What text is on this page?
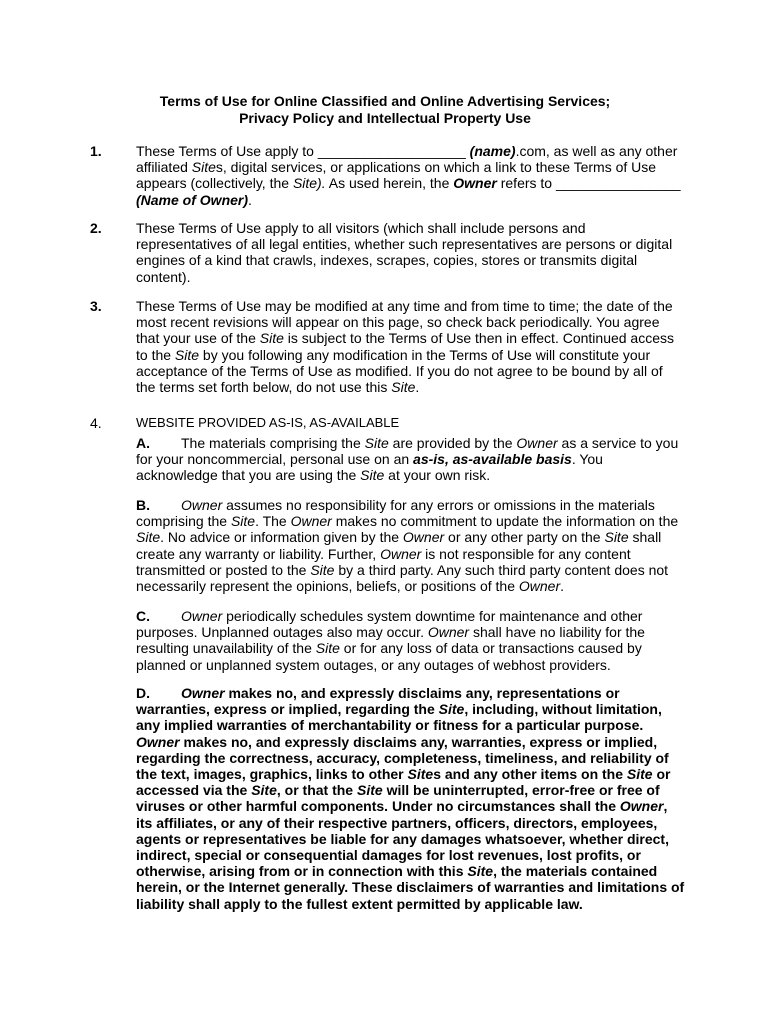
Terms of Use for Online Classified and Online Advertising Services;
Privacy Policy and Intellectual Property Use
1.	These Terms of Use apply to ___________________ (name).com, as well as any other
affiliated Sites, digital services, or applications on which a link to these Terms of Use
appears (collectively, the Site). As used herein, the Owner refers to ________________
(Name of Owner).
2.	These Terms of Use apply to all visitors (which shall include persons and
representatives of all legal entities, whether such representatives are persons or digital
engines of a kind that crawls, indexes, scrapes, copies, stores or transmits digital
content).
3.	These Terms of Use may be modified at any time and from time to time; the date of the
most recent revisions will appear on this page, so check back periodically. You agree
that your use of the Site is subject to the Terms of Use then in effect. Continued access
to the Site by you following any modification in the Terms of Use will constitute your
acceptance of the Terms of Use as modified. If you do not agree to be bound by all of
the terms set forth below, do not use this Site.
4.	WEBSITE PROVIDED AS-IS, AS-AVAILABLE
A. The materials comprising the Site are provided by the Owner as a service to you
for your noncommercial, personal use on an as-is, as-available basis. You
acknowledge that you are using the Site at your own risk.
B. Owner assumes no responsibility for any errors or omissions in the materials
comprising the Site. The Owner makes no commitment to update the information on the
Site. No advice or information given by the Owner or any other party on the Site shall
create any warranty or liability. Further, Owner is not responsible for any content
transmitted or posted to the Site by a third party. Any such third party content does not
necessarily represent the opinions, beliefs, or positions of the Owner.
C. Owner periodically schedules system downtime for maintenance and other
purposes. Unplanned outages also may occur. Owner shall have no liability for the
resulting unavailability of the Site or for any loss of data or transactions caused by
planned or unplanned system outages, or any outages of webhost providers.
D. Owner makes no, and expressly disclaims any, representations or
warranties, express or implied, regarding the Site, including, without limitation,
any implied warranties of merchantability or fitness for a particular purpose.
Owner makes no, and expressly disclaims any, warranties, express or implied,
regarding the correctness, accuracy, completeness, timeliness, and reliability of
the text, images, graphics, links to other Sites and any other items on the Site or
accessed via the Site, or that the Site will be uninterrupted, error-free or free of
viruses or other harmful components. Under no circumstances shall the Owner,
its affiliates, or any of their respective partners, officers, directors, employees,
agents or representatives be liable for any damages whatsoever, whether direct,
indirect, special or consequential damages for lost revenues, lost profits, or
otherwise, arising from or in connection with this Site, the materials contained
herein, or the Internet generally. These disclaimers of warranties and limitations of
liability shall apply to the fullest extent permitted by applicable law.
